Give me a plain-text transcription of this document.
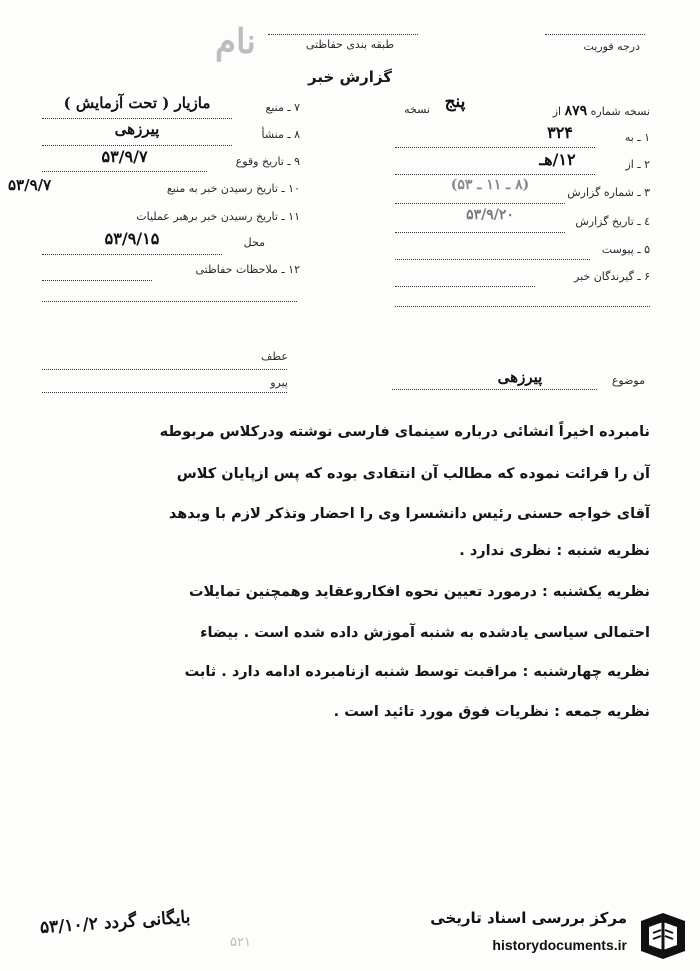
نام	طبقه بندی حفاظتی	درجه فوریت
گزارش خبر
۷ ـ منبع
مازیار ( تحت آزمایش )
۸ ـ منشأ
پیرزهی
۹ ـ تاریخ وقوع
۵۳/۹/۷
۱۰ ـ تاریخ رسیدن خبر به منبع
۵۳/۹/۷
۱۱ ـ تاریخ رسیدن خبر برهبر عملیات
محل
۵۳/۹/۱۵
۱۲ ـ ملاحظات حفاظتی
نسخه شماره ۸۷۹ از
پنج
نسخه
۱ ـ به
۳۲۴
۲ ـ از
۱۲/هـ
۳ ـ شماره گزارش
(۸ ـ ۱۱ ـ ۵۳)
٤ ـ تاریخ گزارش
۵۳/۹/۲۰
۵ ـ پیوست
۶ ـ گیرندگان خبر
عطف
پیرو	موضوع
پیرزهی
نامبرده اخیراً انشائی درباره سینمای فارسی نوشته ودرکلاس مربوطه
آن را قرائت نموده که مطالب آن انتقادی بوده که پس ازپایان کلاس
آقای خواجه حسنی رئیس دانشسرا وی را احضار وتذکر لازم با وبدهد
نظریه شنبه : نظری ندارد .
نظریه یکشنبه : درمورد تعیین نحوه افکاروعقاید وهمچنین تمایلات
احتمالی سیاسی یادشده به شنبه آموزش داده شده است . بیضاء
نظریه چهارشنبه : مراقبت توسط شنبه ازنامبرده ادامه دارد . ثابت
نظریه جمعه : نظریات فوق مورد تائید است .
بایگانی گردد ۵۳/۱۰/۲
۵۲۱
مرکز بررسی اسناد تاریخی
historydocuments.ir
